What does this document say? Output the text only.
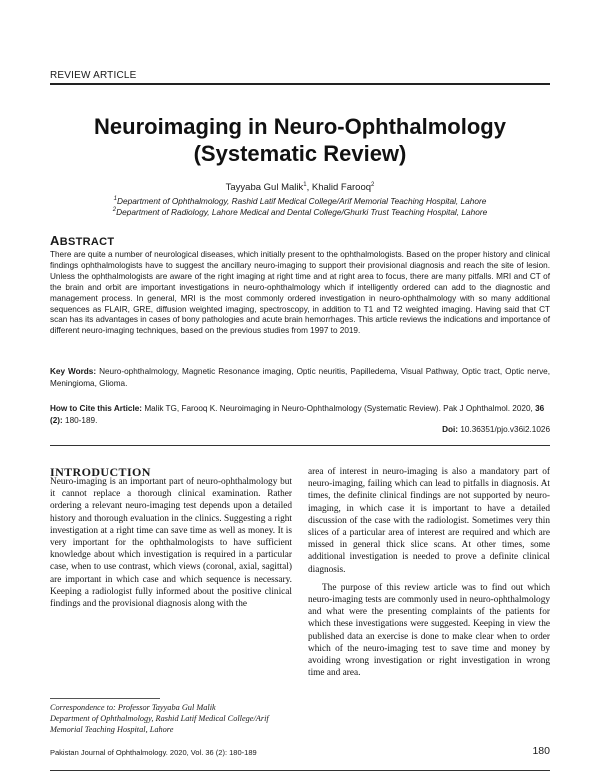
REVIEW ARTICLE
Neuroimaging in Neuro-Ophthalmology
(Systematic Review)
Tayyaba Gul Malik$^1$, Khalid Farooq$^2$
$^1$Department of Ophthalmology, Rashid Latif Medical College/Arif Memorial Teaching Hospital, Lahore
$^2$Department of Radiology, Lahore Medical and Dental College/Ghurki Trust Teaching Hospital, Lahore
ABSTRACT
There are quite a number of neurological diseases, which initially present to the ophthalmologists. Based on the proper history and clinical findings ophthalmologists have to suggest the ancillary neuro-imaging to support their provisional diagnosis and reach the site of lesion. Unless the ophthalmologists are aware of the right imaging at right time and at right area to focus, there are many pitfalls. MRI and CT of the brain and orbit are important investigations in neuro-ophthalmology which if intelligently ordered can add to the diagnostic and management process. In general, MRI is the most commonly ordered investigation in neuro-ophthalmology with so many additional sequences as FLAIR, GRE, diffusion weighted imaging, spectroscopy, in addition to T1 and T2 weighted imaging. Having said that CT scan has its advantages in cases of bony pathologies and acute brain hemorrhages. This article reviews the indications and importance of different neuro-imaging techniques, based on the previous studies from 1997 to 2019.
Key Words: Neuro-ophthalmology, Magnetic Resonance imaging, Optic neuritis, Papilledema, Visual Pathway, Optic tract, Optic nerve, Meningioma, Glioma.
How to Cite this Article: Malik TG, Farooq K. Neuroimaging in Neuro-Ophthalmology (Systematic Review). Pak J Ophthalmol. 2020, 36 (2): 180-189.
Doi: 10.36351/pjo.v36i2.1026
INTRODUCTION

Neuro-imaging is an important part of neuro-ophthalmology but it cannot replace a thorough clinical examination. Rather ordering a relevant neuro-imaging test depends upon a detailed history and thorough evaluation in the clinics. Suggesting a right investigation at a right time can save time as well as money. It is very important for the ophthalmologists to have sufficient knowledge about which investigation is required in a particular case, when to use contrast, which views (coronal, axial, sagittal) are important in which case and which sequence is necessary. Keeping a radiologist fully informed about the positive clinical findings and the provisional diagnosis along with the

area of interest in neuro-imaging is also a mandatory part of neuro-imaging, failing which can lead to pitfalls in diagnosis. At times, the definite clinical findings are not supported by neuro-imaging, in which case it is important to have a detailed discussion of the case with the radiologist. Sometimes very thin slices of a particular area of interest are required and which are missed in general thick slice scans. At other times, some additional investigation is needed to prove a definite clinical diagnosis.

The purpose of this review article was to find out which neuro-imaging tests are commonly used in neuro-ophthalmology and what were the presenting complaints of the patients for which these investigations were suggested. Keeping in view the published data an exercise is done to make clear when to order which of the neuro-imaging test to save time and money by avoiding wrong investigation or right investigation in wrong time and area.

Correspondence to: Professor Tayyaba Gul Malik
Department of Ophthalmology, Rashid Latif Medical College/Arif Memorial Teaching Hospital, Lahore
Pakistan Journal of Ophthalmology. 2020, Vol. 36 (2): 180-189	180
